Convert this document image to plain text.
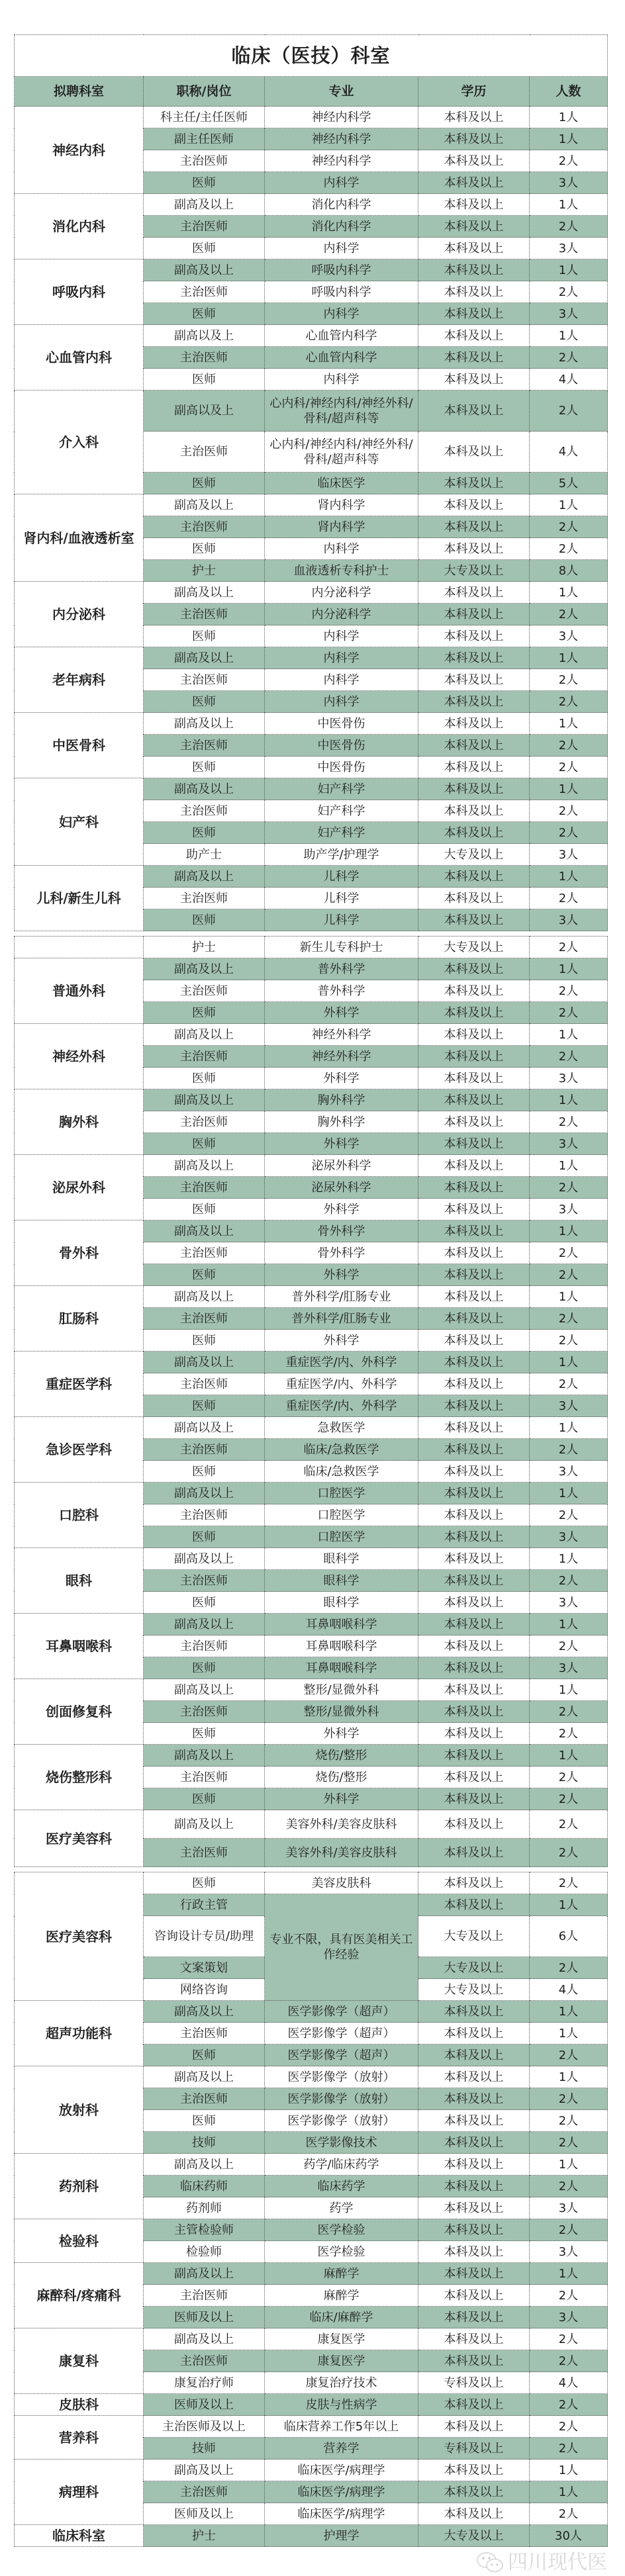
临床（医技）科室				
拟聘科室	职称/岗位	专业	学历	人数
神经内科	科主任/主任医师	神经内科学	本科及以上	1人
	副主任医师	神经内科学	本科及以上	1人
	主治医师	神经内科学	本科及以上	2人
	医师	内科学	本科及以上	3人
消化内科	副高及以上	消化内科学	本科及以上	1人
	主治医师	消化内科学	本科及以上	2人
	医师	内科学	本科及以上	3人
呼吸内科	副高及以上	呼吸内科学	本科及以上	1人
	主治医师	呼吸内科学	本科及以上	2人
	医师	内科学	本科及以上	3人
心血管内科	副高以及上	心血管内科学	本科及以上	1人
	主治医师	心血管内科学	本科及以上	2人
	医师	内科学	本科及以上	4人
介入科	副高以及上	心内科/神经内科/神经外科/骨科/超声科等	本科及以上	2人
	主治医师	心内科/神经内科/神经外科/骨科/超声科等	本科及以上	4人
	医师	临床医学	本科及以上	5人
肾内科/血液透析室	副高及以上	肾内科学	本科及以上	1人
	主治医师	肾内科学	本科及以上	2人
	医师	内科学	本科及以上	2人
	护士	血液透析专科护士	大专及以上	8人
内分泌科	副高及以上	内分泌科学	本科及以上	1人
	主治医师	内分泌科学	本科及以上	2人
	医师	内科学	本科及以上	3人
老年病科	副高及以上	内科学	本科及以上	1人
	主治医师	内科学	本科及以上	2人
	医师	内科学	本科及以上	2人
中医骨科	副高及以上	中医骨伤	本科及以上	1人
	主治医师	中医骨伤	本科及以上	2人
	医师	中医骨伤	本科及以上	2人
妇产科	副高及以上	妇产科学	本科及以上	1人
	主治医师	妇产科学	本科及以上	2人
	医师	妇产科学	本科及以上	2人
	助产士	助产学/护理学	大专及以上	3人
儿科/新生儿科	副高及以上	儿科学	本科及以上	1人
	主治医师	儿科学	本科及以上	2人
	医师	儿科学	本科及以上	3人
	护士	新生儿专科护士	大专及以上	2人
普通外科	副高及以上	普外科学	本科及以上	1人
	主治医师	普外科学	本科及以上	2人
	医师	外科学	本科及以上	2人
神经外科	副高及以上	神经外科学	本科及以上	1人
	主治医师	神经外科学	本科及以上	2人
	医师	外科学	本科及以上	3人
胸外科	副高及以上	胸外科学	本科及以上	1人
	主治医师	胸外科学	本科及以上	2人
	医师	外科学	本科及以上	3人
泌尿外科	副高及以上	泌尿外科学	本科及以上	1人
	主治医师	泌尿外科学	本科及以上	2人
	医师	外科学	本科及以上	3人
骨外科	副高及以上	骨外科学	本科及以上	1人
	主治医师	骨外科学	本科及以上	2人
	医师	外科学	本科及以上	2人
肛肠科	副高及以上	普外科学/肛肠专业	本科及以上	1人
	主治医师	普外科学/肛肠专业	本科及以上	2人
	医师	外科学	本科及以上	2人
重症医学科	副高及以上	重症医学/内、外科学	本科及以上	1人
	主治医师	重症医学/内、外科学	本科及以上	2人
	医师	重症医学/内、外科学	本科及以上	3人
急诊医学科	副高以及上	急救医学	本科及以上	1人
	主治医师	临床/急救医学	本科及以上	2人
	医师	临床/急救医学	本科及以上	3人
口腔科	副高及以上	口腔医学	本科及以上	1人
	主治医师	口腔医学	本科及以上	2人
	医师	口腔医学	本科及以上	3人
眼科	副高及以上	眼科学	本科及以上	1人
	主治医师	眼科学	本科及以上	2人
	医师	眼科学	本科及以上	3人
耳鼻咽喉科	副高及以上	耳鼻咽喉科学	本科及以上	1人
	主治医师	耳鼻咽喉科学	本科及以上	2人
	医师	耳鼻咽喉科学	本科及以上	3人
创面修复科	副高及以上	整形/显微外科	本科及以上	1人
	主治医师	整形/显微外科	本科及以上	2人
	医师	外科学	本科及以上	2人
烧伤整形科	副高及以上	烧伤/整形	本科及以上	1人
	主治医师	烧伤/整形	本科及以上	2人
	医师	外科学	本科及以上	2人
医疗美容科	副高及以上	美容外科/美容皮肤科	本科及以上	2人
	主治医师	美容外科/美容皮肤科	本科及以上	2人
医疗美容科	医师	美容皮肤科	本科及以上	2人
	行政主管	专业不限，具有医美相关工作经验	本科及以上	1人
	咨询设计专员/助理		大专及以上	6人
	文案策划		大专及以上	2人
	网络咨询		大专及以上	4人
超声功能科	副高及以上	医学影像学（超声）	本科及以上	1人
	主治医师	医学影像学（超声）	本科及以上	1人
	医师	医学影像学（超声）	本科及以上	2人
放射科	副高及以上	医学影像学（放射）	本科及以上	1人
	主治医师	医学影像学（放射）	本科及以上	2人
	医师	医学影像学（放射）	本科及以上	2人
	技师	医学影像技术	本科及以上	2人
药剂科	副高及以上	药学/临床药学	本科及以上	1人
	临床药师	临床药学	本科及以上	2人
	药剂师	药学	本科及以上	3人
检验科	主管检验师	医学检验	本科及以上	2人
	检验师	医学检验	本科及以上	3人
麻醉科/疼痛科	副高及以上	麻醉学	本科及以上	1人
	主治医师	麻醉学	本科及以上	2人
	医师及以上	临床/麻醉学	本科及以上	3人
康复科	副高及以上	康复医学	本科及以上	2人
	主治医师	康复医学	本科及以上	2人
	康复治疗师	康复治疗技术	专科及以上	4人
皮肤科	医师及以上	皮肤与性病学	本科及以上	2人
营养科	主治医师及以上	临床营养工作5年以上	本科及以上	2人
	技师	营养学	专科及以上	2人
病理科	副高及以上	临床医学/病理学	本科及以上	1人
	主治医师	临床医学/病理学	本科及以上	1人
	医师及以上	临床医学/病理学	本科及以上	2人
临床科室	护士	护理学	大专及以上	30人
四川现代医
